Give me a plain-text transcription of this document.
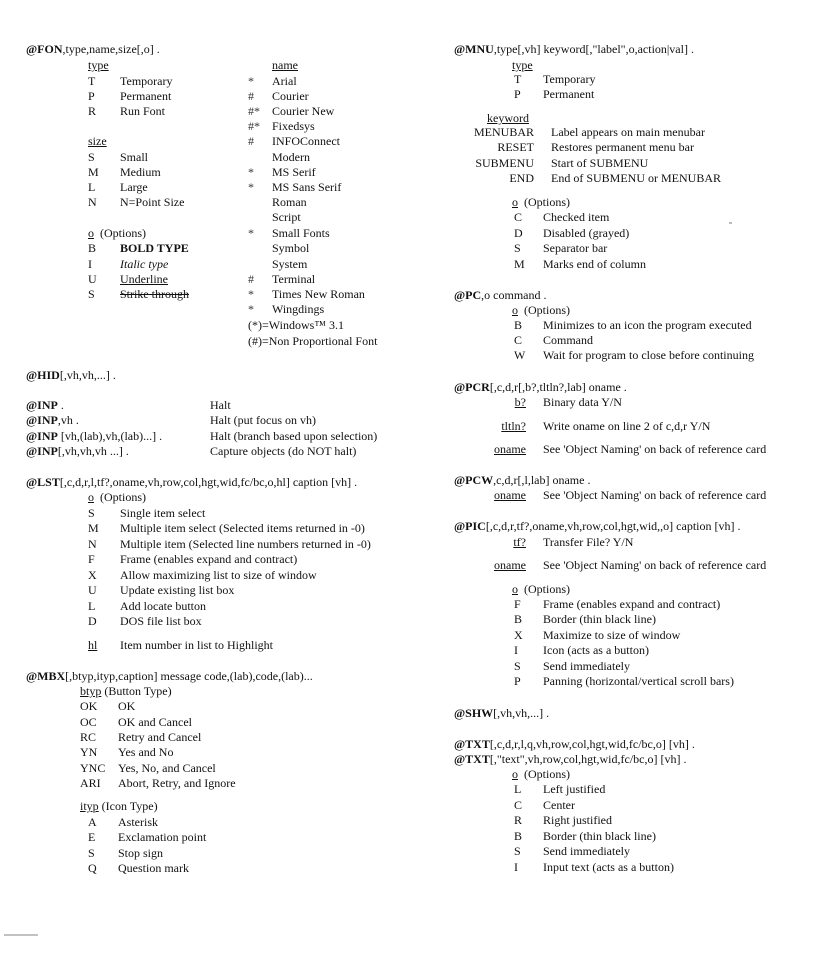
@FON,type,name,size[,o] .
type
T Temporary
P Permanent
R Run Font
size
S Small
M Medium
L Large
N N=Point Size
o (Options)
B BOLD TYPE
I Italic type
U Underline
S Strike through
name
* Arial
# Courier
#* Courier New
#* Fixedsys
# INFOConnect
Modern
* MS Serif
* MS Sans Serif
Roman
Script
* Small Fonts
Symbol
System
# Terminal
* Times New Roman
* Wingdings
(*)=Windows™ 3.1
(#)=Non Proportional Font
@HID[,vh,vh,...] .
@INP .	Halt
@INP,vh .	Halt (put focus on vh)
@INP [vh,(lab),vh,(lab)...] .	Halt (branch based upon selection)
@INP[,vh,vh,vh ...] .	Capture objects (do NOT halt)
@LST[,c,d,r,l,tf?,oname,vh,row,col,hgt,wid,fc/bc,o,hl] caption [vh] .
o (Options)
S Single item select
M Multiple item select (Selected items returned in -0)
N Multiple item (Selected line numbers returned in -0)
F Frame (enables expand and contract)
X Allow maximizing list to size of window
U Update existing list box
L Add locate button
D DOS file list box
hl Item number in list to Highlight
@MBX[,btyp,ityp,caption] message code,(lab),code,(lab)...
btyp (Button Type)
OK OK
OC OK and Cancel
RC Retry and Cancel
YN Yes and No
YNC Yes, No, and Cancel
ARI Abort, Retry, and Ignore
ityp (Icon Type)
A Asterisk
E Exclamation point
S Stop sign
Q Question mark
@MNU,type[,vh] keyword[,"label",o,action|val] .
type
T Temporary
P Permanent
keyword
MENUBAR Label appears on main menubar
RESET Restores permanent menu bar
SUBMENU Start of SUBMENU
END End of SUBMENU or MENUBAR
o (Options)
C Checked item
D Disabled (grayed)
S Separator bar
M Marks end of column
@PC,o command .
o (Options)
B Minimizes to an icon the program executed
C Command
W Wait for program to close before continuing
@PCR[,c,d,r[,b?,tltln?,lab] oname .
b? Binary data Y/N
tltln? Write oname on line 2 of c,d,r Y/N
oname See 'Object Naming' on back of reference card
@PCW,c,d,r[,l,lab] oname .
oname See 'Object Naming' on back of reference card
@PIC[,c,d,r,tf?,oname,vh,row,col,hgt,wid,,o] caption [vh] .
tf? Transfer File? Y/N
oname See 'Object Naming' on back of reference card
o (Options)
F Frame (enables expand and contract)
B Border (thin black line)
X Maximize to size of window
I Icon (acts as a button)
S Send immediately
P Panning (horizontal/vertical scroll bars)
@SHW[,vh,vh,...] .
@TXT[,c,d,r,l,q,vh,row,col,hgt,wid,fc/bc,o] [vh] .
@TXT[,"text",vh,row,col,hgt,wid,fc/bc,o] [vh] .
o (Options)
L Left justified
C Center
R Right justified
B Border (thin black line)
S Send immediately
I Input text (acts as a button)
